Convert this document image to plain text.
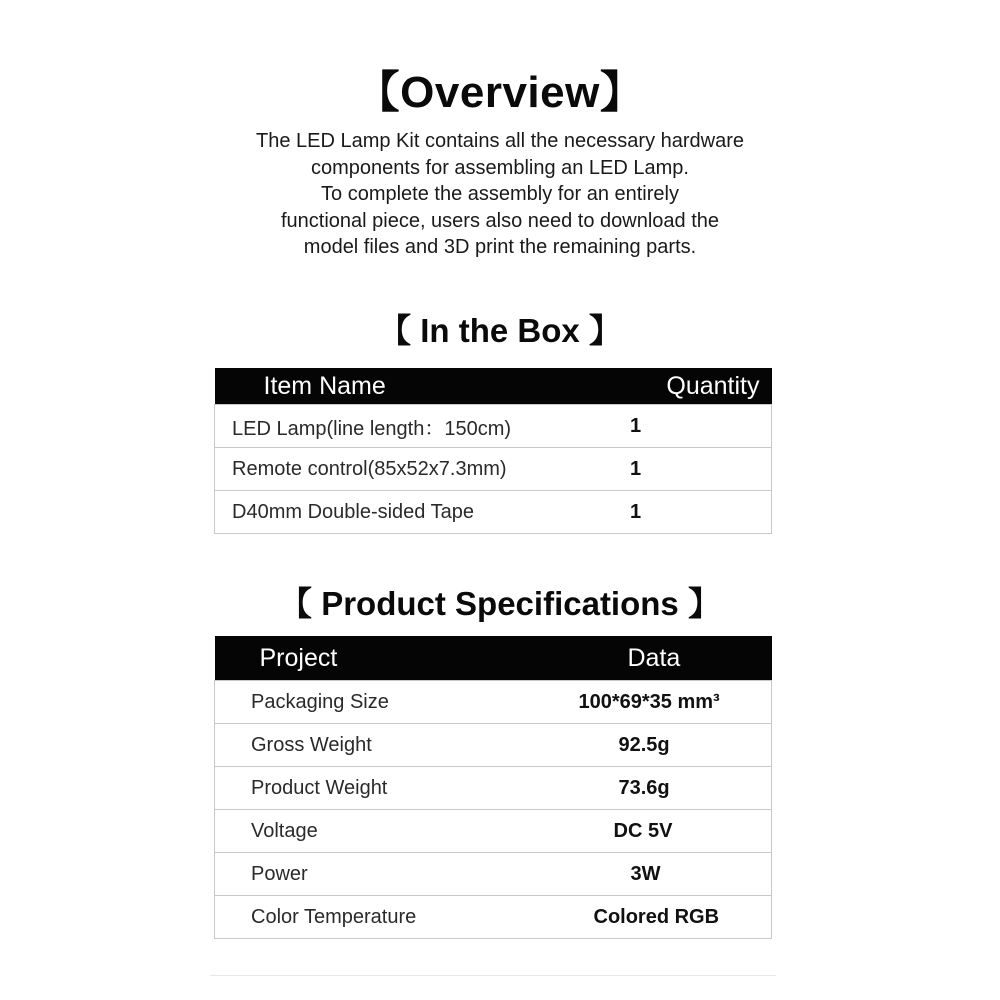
【Overview】
The LED Lamp Kit contains all the necessary hardware
components for assembling an LED Lamp.
To complete the assembly for an entirely
functional piece, users also need to download the
model files and 3D print the remaining parts.
【 In the Box 】
Item Name	Quantity

LED Lamp(line length：150cm)	1

Remote control(85x52x7.3mm)	1

D40mm Double-sided Tape	1
【 Product Specifications 】
Project	Data
Packaging Size	100*69*35 mm³
Gross Weight	92.5g
Product Weight	73.6g
Voltage	DC 5V
Power	3W
Color Temperature	Colored RGB
